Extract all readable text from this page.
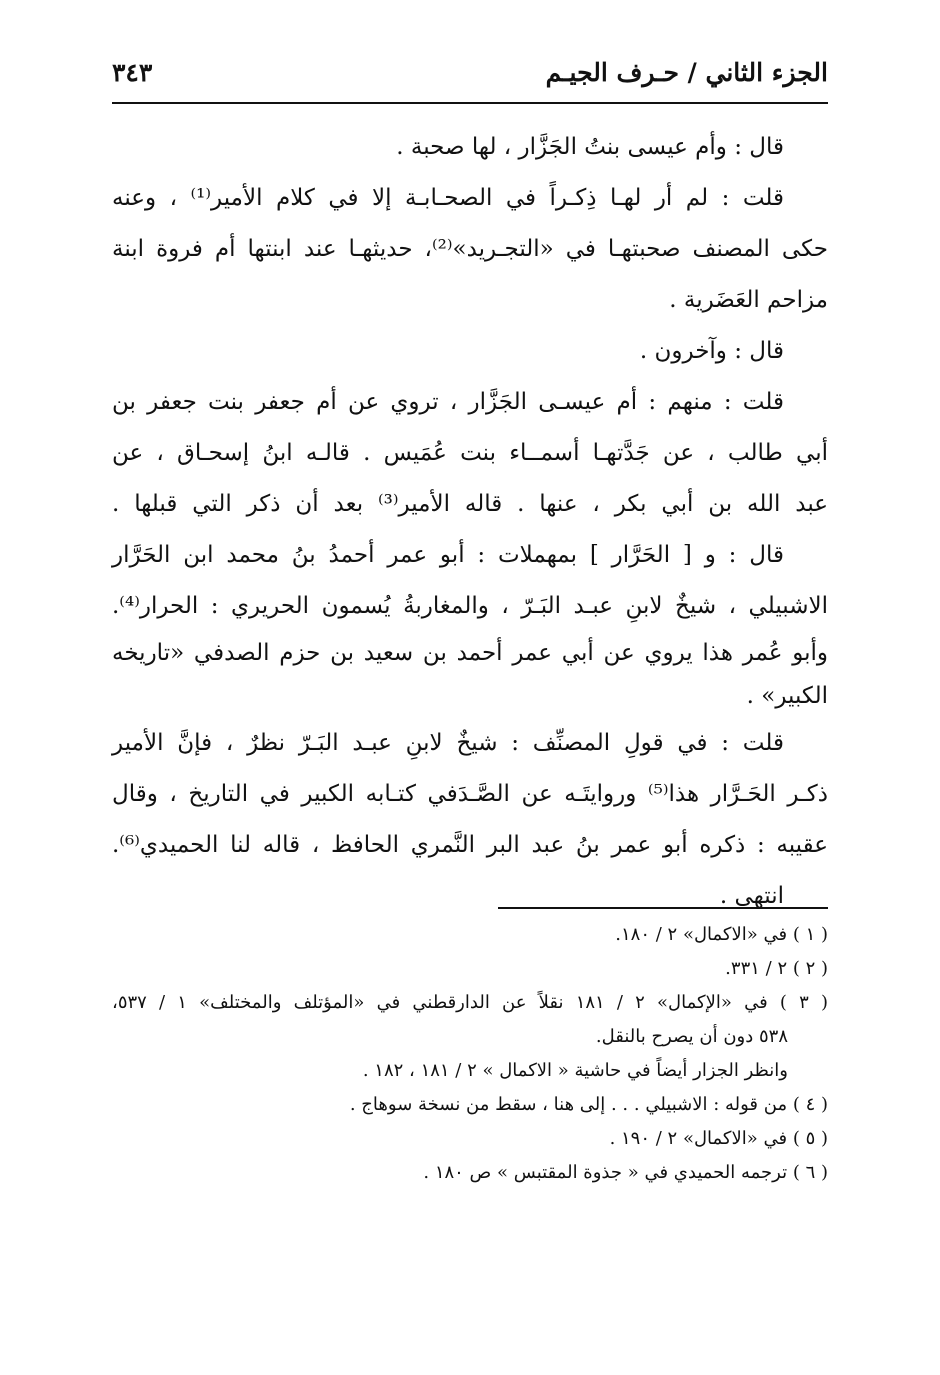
الجزء الثاني / حـرف الجيـم
٣٤٣
قال : وأم عيسى بنتُ الجَزَّار ، لها صحبة .
قلت : لم أر لهـا ذِكـراً في الصحـابـة إلا في كلام الأمير⁽¹⁾ ، وعنه
حكى المصنف صحبتهـا في «التجـريد»⁽²⁾، حديثهـا عند ابنتها أم فروة ابنة
مزاحم العَضَرية .
قال : وآخرون .
قلت : منهم : أم عيسـى الجَزَّار ، تروي عن أم جعفر بنت جعفر بن
أبي طالب ، عن جَدَّتهـا أسمــاء بنت عُمَيس . قالـه ابنُ إسحـاق ، عن
عبد الله بن أبي بكر ، عنها . قاله الأمير⁽³⁾ بعد أن ذكر التي قبلها .
قال : و [ الحَرَّار ] بمهملات : أبو عمر أحمدُ بنُ محمد ابن الحَرَّار
الاشبيلي ، شيخٌ لابنِ عبـد البَـرّ ، والمغاربةُ يُسمون الحريري : الحرار⁽⁴⁾.
وأبو عُمر هذا يروي عن أبي عمر أحمد بن سعيد بن حزم الصدفي «تاريخه
الكبير» .
قلت : في قولِ المصنِّف : شيخٌ لابنِ عبـد البَـرّ نظرٌ ، فإنَّ الأمير
ذكـر الحَـرَّار هذا⁽⁵⁾ وروايتَـه عن الصَّـدَفي كتـابه الكبير في التاريخ ، وقال
عقيبه : ذكره أبو عمر بنُ عبد البر النَّمري الحافظ ، قاله لنا الحميدي⁽⁶⁾.
انتهى .
( ١ ) في «الاكمال» ٢ / ١٨٠.
( ٢ ) ٢ / ٣٣١.
( ٣ ) في «الإكمال» ٢ / ١٨١ نقلاً عن الدارقطني في «المؤتلف والمختلف» ١ / ٥٣٧،
٥٣٨ دون أن يصرح بالنقل.
وانظر الجزار أيضاً في حاشية « الاكمال » ٢ / ١٨١ ، ١٨٢ .
( ٤ ) من قوله : الاشبيلي . . . إلى هنا ، سقط من نسخة سوهاج .
( ٥ ) في «الاكمال» ٢ / ١٩٠ .
( ٦ ) ترجمه الحميدي في « جذوة المقتبس » ص ١٨٠ .
